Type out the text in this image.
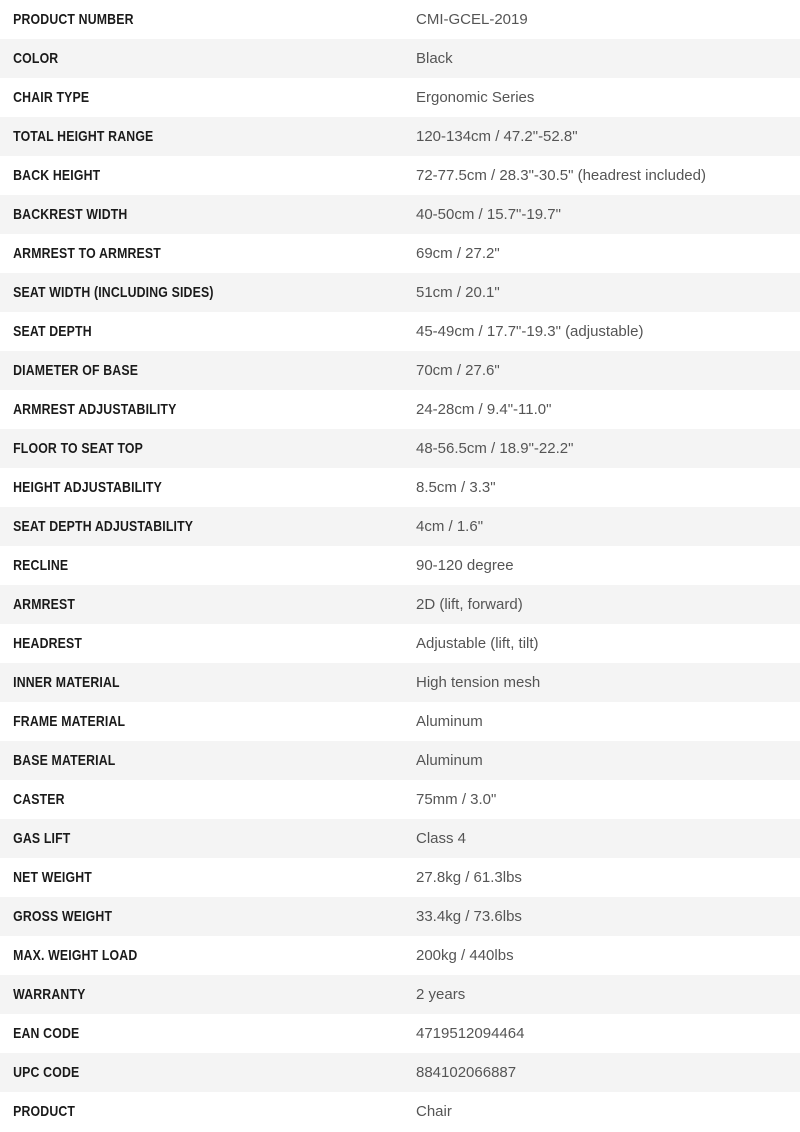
PRODUCT NUMBER	CMI-GCEL-2019

COLOR	Black

CHAIR TYPE	Ergonomic Series

TOTAL HEIGHT RANGE	120-134cm / 47.2"-52.8"

BACK HEIGHT	72-77.5cm / 28.3"-30.5" (headrest included)

BACKREST WIDTH	40-50cm / 15.7"-19.7"

ARMREST TO ARMREST	69cm / 27.2"

SEAT WIDTH (INCLUDING SIDES)	51cm / 20.1"

SEAT DEPTH	45-49cm / 17.7"-19.3" (adjustable)

DIAMETER OF BASE	70cm / 27.6"

ARMREST ADJUSTABILITY	24-28cm / 9.4"-11.0"

FLOOR TO SEAT TOP	48-56.5cm / 18.9"-22.2"

HEIGHT ADJUSTABILITY	8.5cm / 3.3"

SEAT DEPTH ADJUSTABILITY	4cm / 1.6"

RECLINE	90-120 degree

ARMREST	2D (lift, forward)

HEADREST	Adjustable (lift, tilt)

INNER MATERIAL	High tension mesh

FRAME MATERIAL	Aluminum

BASE MATERIAL	Aluminum

CASTER	75mm / 3.0"

GAS LIFT	Class 4

NET WEIGHT	27.8kg / 61.3lbs

GROSS WEIGHT	33.4kg / 73.6lbs

MAX. WEIGHT LOAD	200kg / 440lbs

WARRANTY	2 years

EAN CODE	4719512094464

UPC CODE	884102066887

PRODUCT	Chair
